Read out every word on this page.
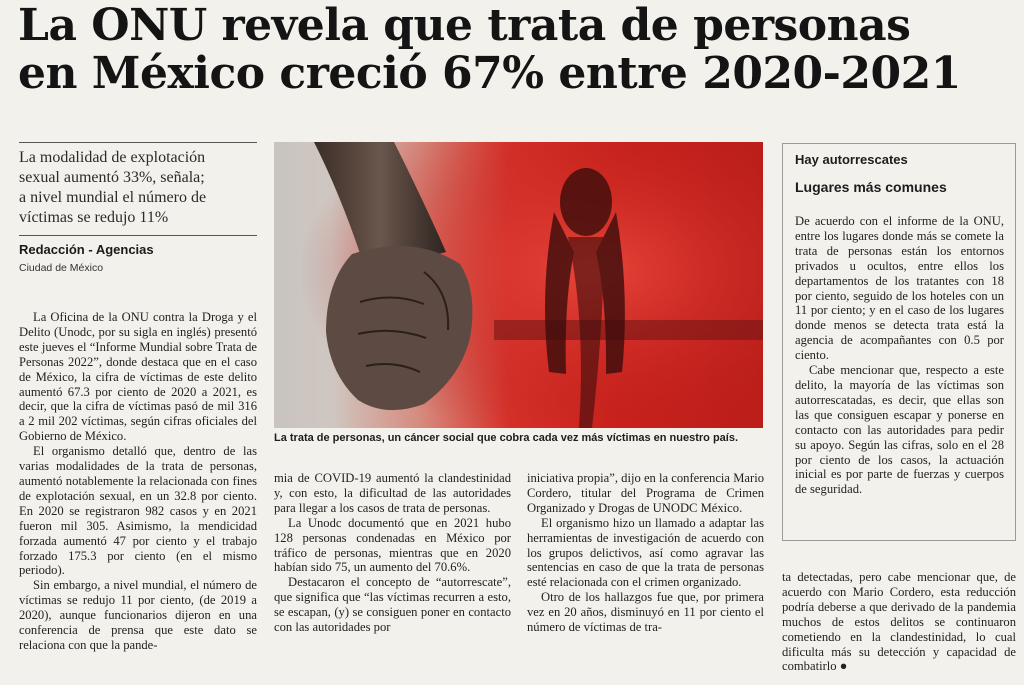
La ONU revela que trata de personas
en México creció 67% entre 2020-2021
La modalidad de explotación
sexual aumentó 33%, señala;
a nivel mundial el número de
víctimas se redujo 11%
Redacción - Agencias
Ciudad de México
La trata de personas, un cáncer social que cobra cada vez más víctimas en nuestro país.

La Oficina de la ONU contra la Droga y el Delito (Unodc, por su sigla en inglés) presentó este jueves el “Informe Mundial sobre Trata de Personas 2022”, donde destaca que en el caso de México, la cifra de víctimas de este delito aumentó 67.3 por ciento de 2020 a 2021, es decir, que la cifra de víctimas pasó de mil 316 a 2 mil 202 víctimas, según cifras oficiales del Gobierno de México.

El organismo detalló que, dentro de las varias modalidades de la trata de personas, aumentó notablemente la relacionada con fines de explotación sexual, en un 32.8 por ciento. En 2020 se registraron 982 casos y en 2021 fueron mil 305. Asimismo, la mendicidad forzada aumentó 47 por ciento y el trabajo forzado 175.3 por ciento (en el mismo periodo).

Sin embargo, a nivel mundial, el número de víctimas se redujo 11 por ciento, (de 2019 a 2020), aunque funcionarios dijeron en una conferencia de prensa que este dato se relaciona con que la pande-

mia de COVID-19 aumentó la clandestinidad y, con esto, la dificultad de las autoridades para llegar a los casos de trata de personas.

La Unodc documentó que en 2021 hubo 128 personas condenadas en México por tráfico de personas, mientras que en 2020 habían sido 75, un aumento del 70.6%.

Destacaron el concepto de “autorrescate”, que significa que “las víctimas recurren a esto, se escapan, (y) se consiguen poner en contacto con las autoridades por

iniciativa propia”, dijo en la conferencia Mario Cordero, titular del Programa de Crimen Organizado y Drogas de UNODC México.

El organismo hizo un llamado a adaptar las herramientas de investigación de acuerdo con los grupos delictivos, así como agravar las sentencias en caso de que la trata de personas esté relacionada con el crimen organizado.

Otro de los hallazgos fue que, por primera vez en 20 años, disminuyó en 11 por ciento el número de víctimas de tra-

Hay autorrescates
Lugares más comunes

De acuerdo con el informe de la ONU, entre los lugares donde más se comete la trata de personas están los entornos privados u ocultos, entre ellos los departamentos de los tratantes con 18 por ciento, seguido de los hoteles con un 11 por ciento; y en el caso de los lugares donde menos se detecta trata está la agencia de acompañantes con 0.5 por ciento.

Cabe mencionar que, respecto a este delito, la mayoría de las víctimas son autorrescatadas, es decir, que ellas son las que consiguen escapar y ponerse en contacto con las autoridades para pedir su apoyo. Según las cifras, solo en el 28 por ciento de los casos, la actuación inicial es por parte de fuerzas y cuerpos de seguridad.

ta detectadas, pero cabe mencionar que, de acuerdo con Mario Cordero, esta reducción podría deberse a que derivado de la pandemia muchos de estos delitos se continuaron cometiendo en la clandestinidad, lo cual dificulta más su detección y capacidad de combatirlo ●
